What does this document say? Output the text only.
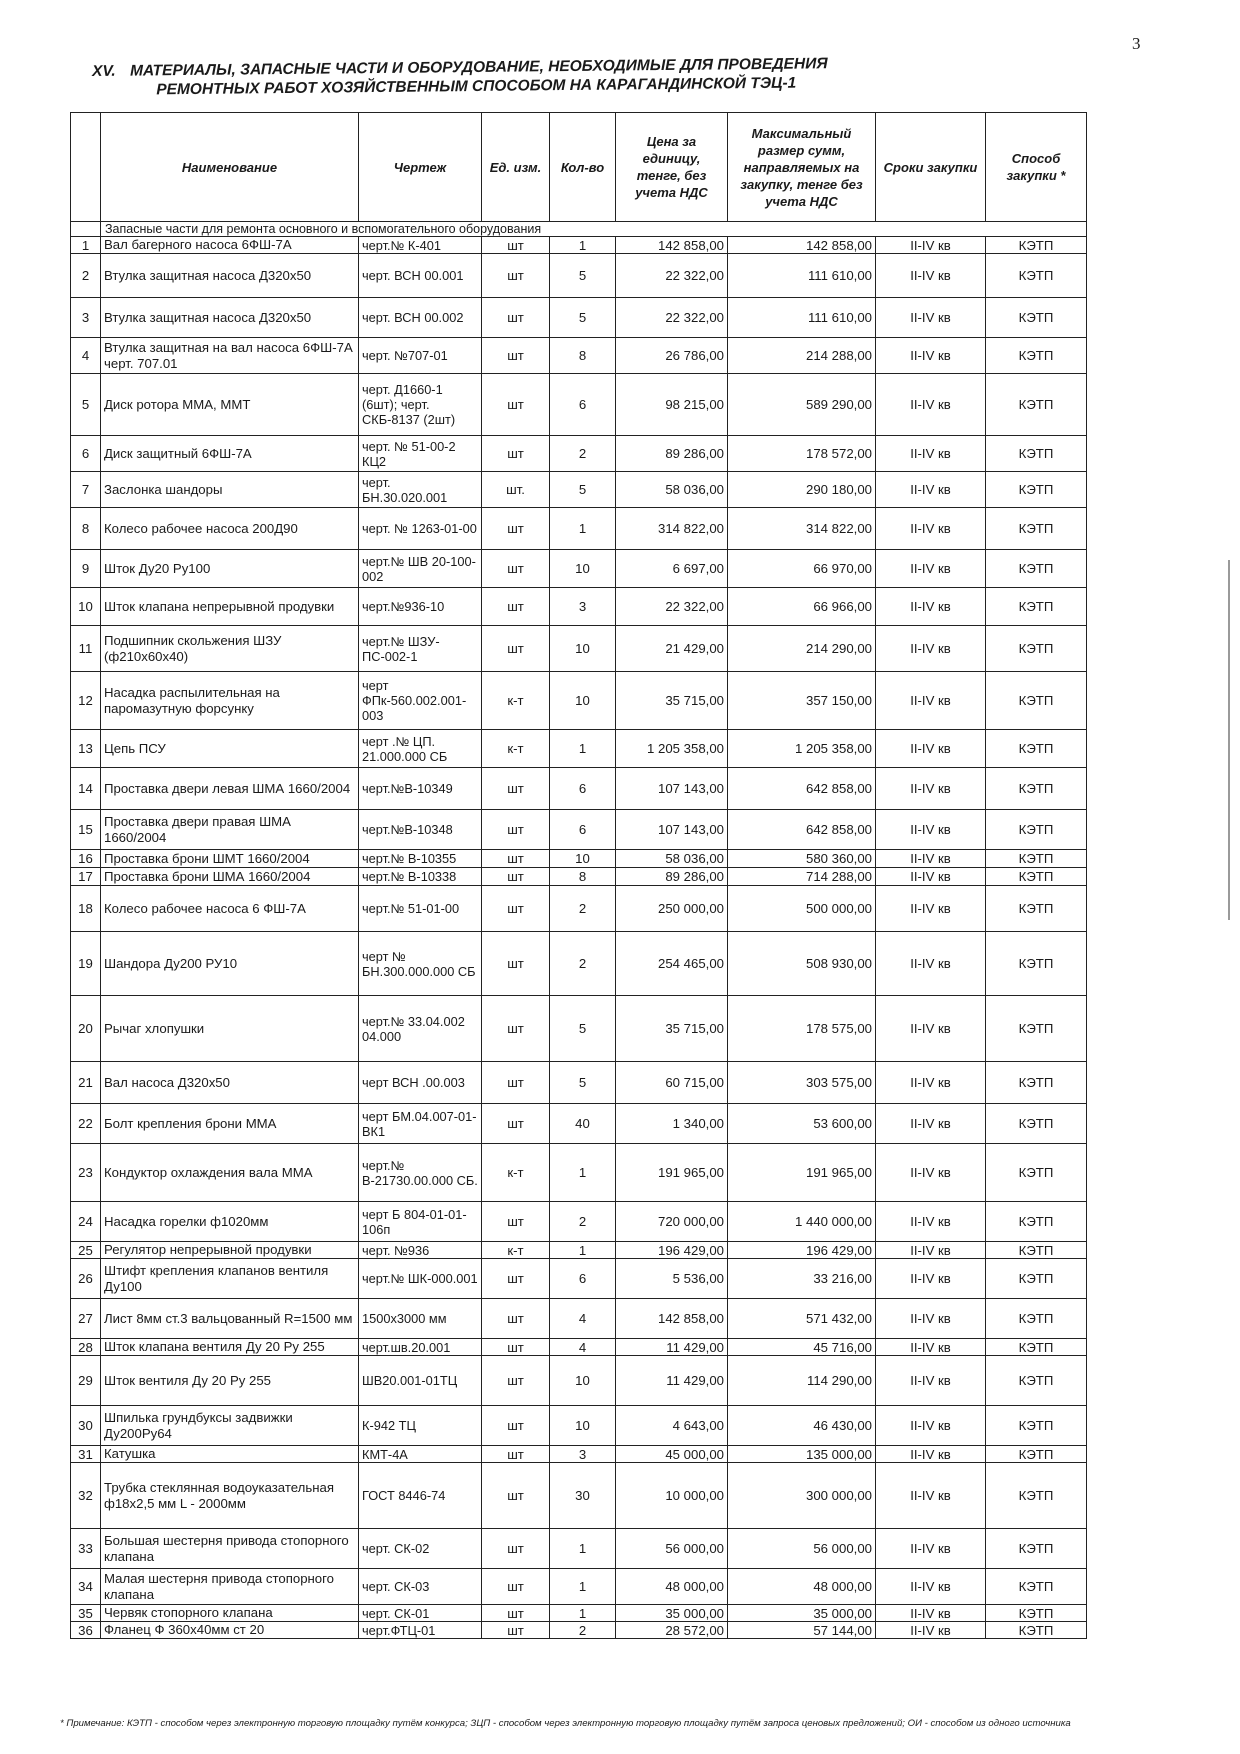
3
XV. МАТЕРИАЛЫ, ЗАПАСНЫЕ ЧАСТИ И ОБОРУДОВАНИЕ, НЕОБХОДИМЫЕ ДЛЯ ПРОВЕДЕНИЯ
РЕМОНТНЫХ РАБОТ ХОЗЯЙСТВЕННЫМ СПОСОБОМ НА КАРАГАНДИНСКОЙ ТЭЦ-1
	Наименование	Чертеж	Ед. изм.	Кол-во	Цена за единицу, тенге, без учета НДС	Максимальный размер сумм, направляемых на закупку, тенге без учета НДС	Сроки закупки	Способ закупки *
	Запасные части для ремонта основного и вспомогательного оборудования							
1	Вал багерного насоса 6ФШ-7А	черт.№ К-401	шт	1	142 858,00	142 858,00	II-IV кв	КЭТП
2	Втулка защитная насоса Д320х50	черт. ВСН 00.001	шт	5	22 322,00	111 610,00	II-IV кв	КЭТП
3	Втулка защитная насоса Д320х50	черт. ВСН 00.002	шт	5	22 322,00	111 610,00	II-IV кв	КЭТП
4	Втулка защитная на вал насоса 6ФШ-7А черт. 707.01	черт. №707-01	шт	8	26 786,00	214 288,00	II-IV кв	КЭТП
5	Диск ротора ММА, ММТ	черт. Д1660-1 (6шт); черт. СКБ-8137 (2шт)	шт	6	98 215,00	589 290,00	II-IV кв	КЭТП
6	Диск защитный 6ФШ-7А	черт. № 51-00-2 КЦ2	шт	2	89 286,00	178 572,00	II-IV кв	КЭТП
7	Заслонка шандоры	черт. БН.30.020.001	шт.	5	58 036,00	290 180,00	II-IV кв	КЭТП
8	Колесо рабочее насоса 200Д90	черт. № 1263-01-00	шт	1	314 822,00	314 822,00	II-IV кв	КЭТП
9	Шток Ду20 Ру100	черт.№ ШВ 20-100-002	шт	10	6 697,00	66 970,00	II-IV кв	КЭТП
10	Шток клапана непрерывной продувки	черт.№936-10	шт	3	22 322,00	66 966,00	II-IV кв	КЭТП
11	Подшипник скольжения ШЗУ (ф210х60х40)	черт.№ ШЗУ-ПС-002-1	шт	10	21 429,00	214 290,00	II-IV кв	КЭТП
12	Насадка распылительная на паромазутную форсунку	черт ФПк-560.002.001-003	к-т	10	35 715,00	357 150,00	II-IV кв	КЭТП
13	Цепь ПСУ	черт .№ ЦП. 21.000.000 СБ	к-т	1	1 205 358,00	1 205 358,00	II-IV кв	КЭТП
14	Проставка двери левая ШМА 1660/2004	черт.№В-10349	шт	6	107 143,00	642 858,00	II-IV кв	КЭТП
15	Проставка двери правая ШМА 1660/2004	черт.№В-10348	шт	6	107 143,00	642 858,00	II-IV кв	КЭТП
16	Проставка брони ШМТ 1660/2004	черт.№ В-10355	шт	10	58 036,00	580 360,00	II-IV кв	КЭТП
17	Проставка брони ШМА 1660/2004	черт.№ В-10338	шт	8	89 286,00	714 288,00	II-IV кв	КЭТП
18	Колесо рабочее насоса 6 ФШ-7А	черт.№ 51-01-00	шт	2	250 000,00	500 000,00	II-IV кв	КЭТП
19	Шандора Ду200 РУ10	черт № БН.300.000.000 СБ	шт	2	254 465,00	508 930,00	II-IV кв	КЭТП
20	Рычаг хлопушки	черт.№ 33.04.002 04.000	шт	5	35 715,00	178 575,00	II-IV кв	КЭТП
21	Вал насоса Д320х50	черт ВСН .00.003	шт	5	60 715,00	303 575,00	II-IV кв	КЭТП
22	Болт крепления брони ММА	черт БМ.04.007-01-ВК1	шт	40	1 340,00	53 600,00	II-IV кв	КЭТП
23	Кондуктор охлаждения вала ММА	черт.№ В-21730.00.000 СБ.	к-т	1	191 965,00	191 965,00	II-IV кв	КЭТП
24	Насадка горелки ф1020мм	черт Б 804-01-01-106п	шт	2	720 000,00	1 440 000,00	II-IV кв	КЭТП
25	Регулятор непрерывной продувки	черт. №936	к-т	1	196 429,00	196 429,00	II-IV кв	КЭТП
26	Штифт крепления клапанов вентиля Ду100	черт.№ ШК-000.001	шт	6	5 536,00	33 216,00	II-IV кв	КЭТП
27	Лист 8мм ст.3 вальцованный R=1500 мм	1500х3000 мм	шт	4	142 858,00	571 432,00	II-IV кв	КЭТП
28	Шток клапана вентиля Ду 20 Ру 255	черт.шв.20.001	шт	4	11 429,00	45 716,00	II-IV кв	КЭТП
29	Шток вентиля Ду 20 Ру 255	ШВ20.001-01ТЦ	шт	10	11 429,00	114 290,00	II-IV кв	КЭТП
30	Шпилька грундбуксы задвижки Ду200Ру64	К-942 ТЦ	шт	10	4 643,00	46 430,00	II-IV кв	КЭТП
31	Катушка	КМТ-4А	шт	3	45 000,00	135 000,00	II-IV кв	КЭТП
32	Трубка стеклянная водоуказательная ф18х2,5 мм L - 2000мм	ГОСТ 8446-74	шт	30	10 000,00	300 000,00	II-IV кв	КЭТП
33	Большая шестерня привода стопорного клапана	черт. СК-02	шт	1	56 000,00	56 000,00	II-IV кв	КЭТП
34	Малая шестерня привода стопорного клапана	черт. СК-03	шт	1	48 000,00	48 000,00	II-IV кв	КЭТП
35	Червяк стопорного клапана	черт. СК-01	шт	1	35 000,00	35 000,00	II-IV кв	КЭТП
36	Фланец Ф 360х40мм ст 20	черт.ФТЦ-01	шт	2	28 572,00	57 144,00	II-IV кв	КЭТП
* Примечание: КЭТП - способом через электронную торговую площадку путём конкурса; ЗЦП - способом через электронную торговую площадку путём запроса ценовых предложений; ОИ - способом из одного источника
